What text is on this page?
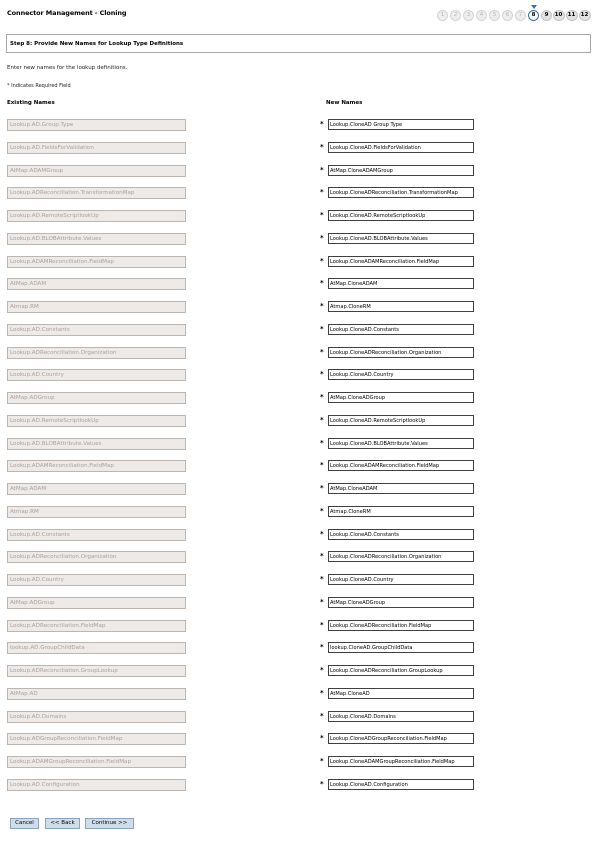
Connector Management - Cloning	1	2	3	4	5	6	7	8	9	10 11 12
Step 8: Provide New Names for Lookup Type Definitions
Enter new names for the lookup definitions.
* Indicates Required Field
Existing Names	New Names
Lookup.AD.Group.Type	*	Lookup.CloneAD Group Type
Lookup.AD.FieldsForValidation	*	Lookup.CloneAD.FieldsForValidation
AtMap.ADAMGroup	*	AtMap.CloneADAMGroup
Lookup.ADReconciliation.TransformationMap	*	Lookup.CloneADReconciliation.TransformationMap
Lookup.AD.RemoteScriptlookUp	*	Lookup.CloneAD.RemoteScriptlookUp
Lookup.AD.BLOBAttribute.Values	*	Lookup.CloneAD.BLOBAttribute.Values
Lookup.ADAMReconciliation.FieldMap	*	Lookup.CloneADAMReconciliation.FieldMap
AtMap.ADAM	*	AtMap.CloneADAM
Atmap.RM	*	Atmap.CloneRM
Lookup.AD.Constants	*	Lookup.CloneAD.Constants
Lookup.ADReconciliation.Organization	*	Lookup.CloneADReconciliation.Organization
Lookup.AD.Country	*	Lookup.CloneAD.Country
AtMap.ADGroup	*	AtMap.CloneADGroup
Lookup.AD.RemoteScriptlookUp	*	Lookup.CloneAD.RemoteScriptlookUp
Lookup.AD.BLOBAttribute.Values	*	Lookup.CloneAD.BLOBAttribute.Values
Lookup.ADAMReconciliation.FieldMap	*	Lookup.CloneADAMReconciliation.FieldMap
AtMap.ADAM	*	AtMap.CloneADAM
Atmap.RM	*	Atmap.CloneRM
Lookup.AD.Constants	*	Lookup.CloneAD.Constants
Lookup.ADReconciliation.Organization	*	Lookup.CloneADReconciliation.Organization
Lookup.AD.Country	*	Lookup.CloneAD.Country
AtMap.ADGroup	*	AtMap.CloneADGroup
Lookup.ADReconciliation.FieldMap	*	Lookup.CloneADReconciliation.FieldMap
lookup.AD.GroupChildData	*	lookup.CloneAD.GroupChildData
Lookup.ADReconciliation.GroupLookup	*	Lookup.CloneADReconciliation.GroupLookup
AtMap.AD	*	AtMap.CloneAD
Lookup.AD.Domains	*	Lookup.CloneAD.Domains
Lookup.ADGroupReconciliation.FieldMap	*	Lookup.CloneADGroupReconciliation.FieldMap
Lookup.ADAMGroupReconciliation.FieldMap	*	Lookup.CloneADAMGroupReconciliation.FieldMap
Lookup.AD.Configuration	*	Lookup.CloneAD.Configuration
Cancel	<< Back	Continue >>
